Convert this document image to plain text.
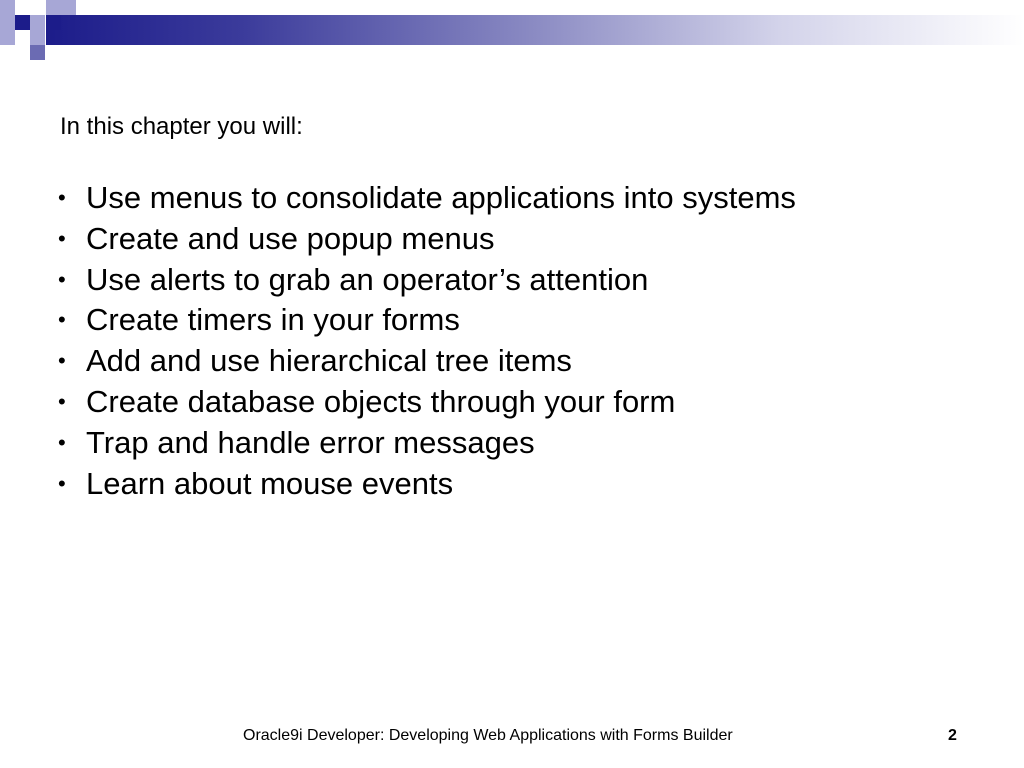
In this chapter you will:
• Use menus to consolidate applications into systems
• Create and use popup menus
• Use alerts to grab an operator’s attention
• Create timers in your forms
• Add and use hierarchical tree items
• Create database objects through your form
• Trap and handle error messages
• Learn about mouse events
Oracle9i Developer: Developing Web Applications with Forms Builder	2
